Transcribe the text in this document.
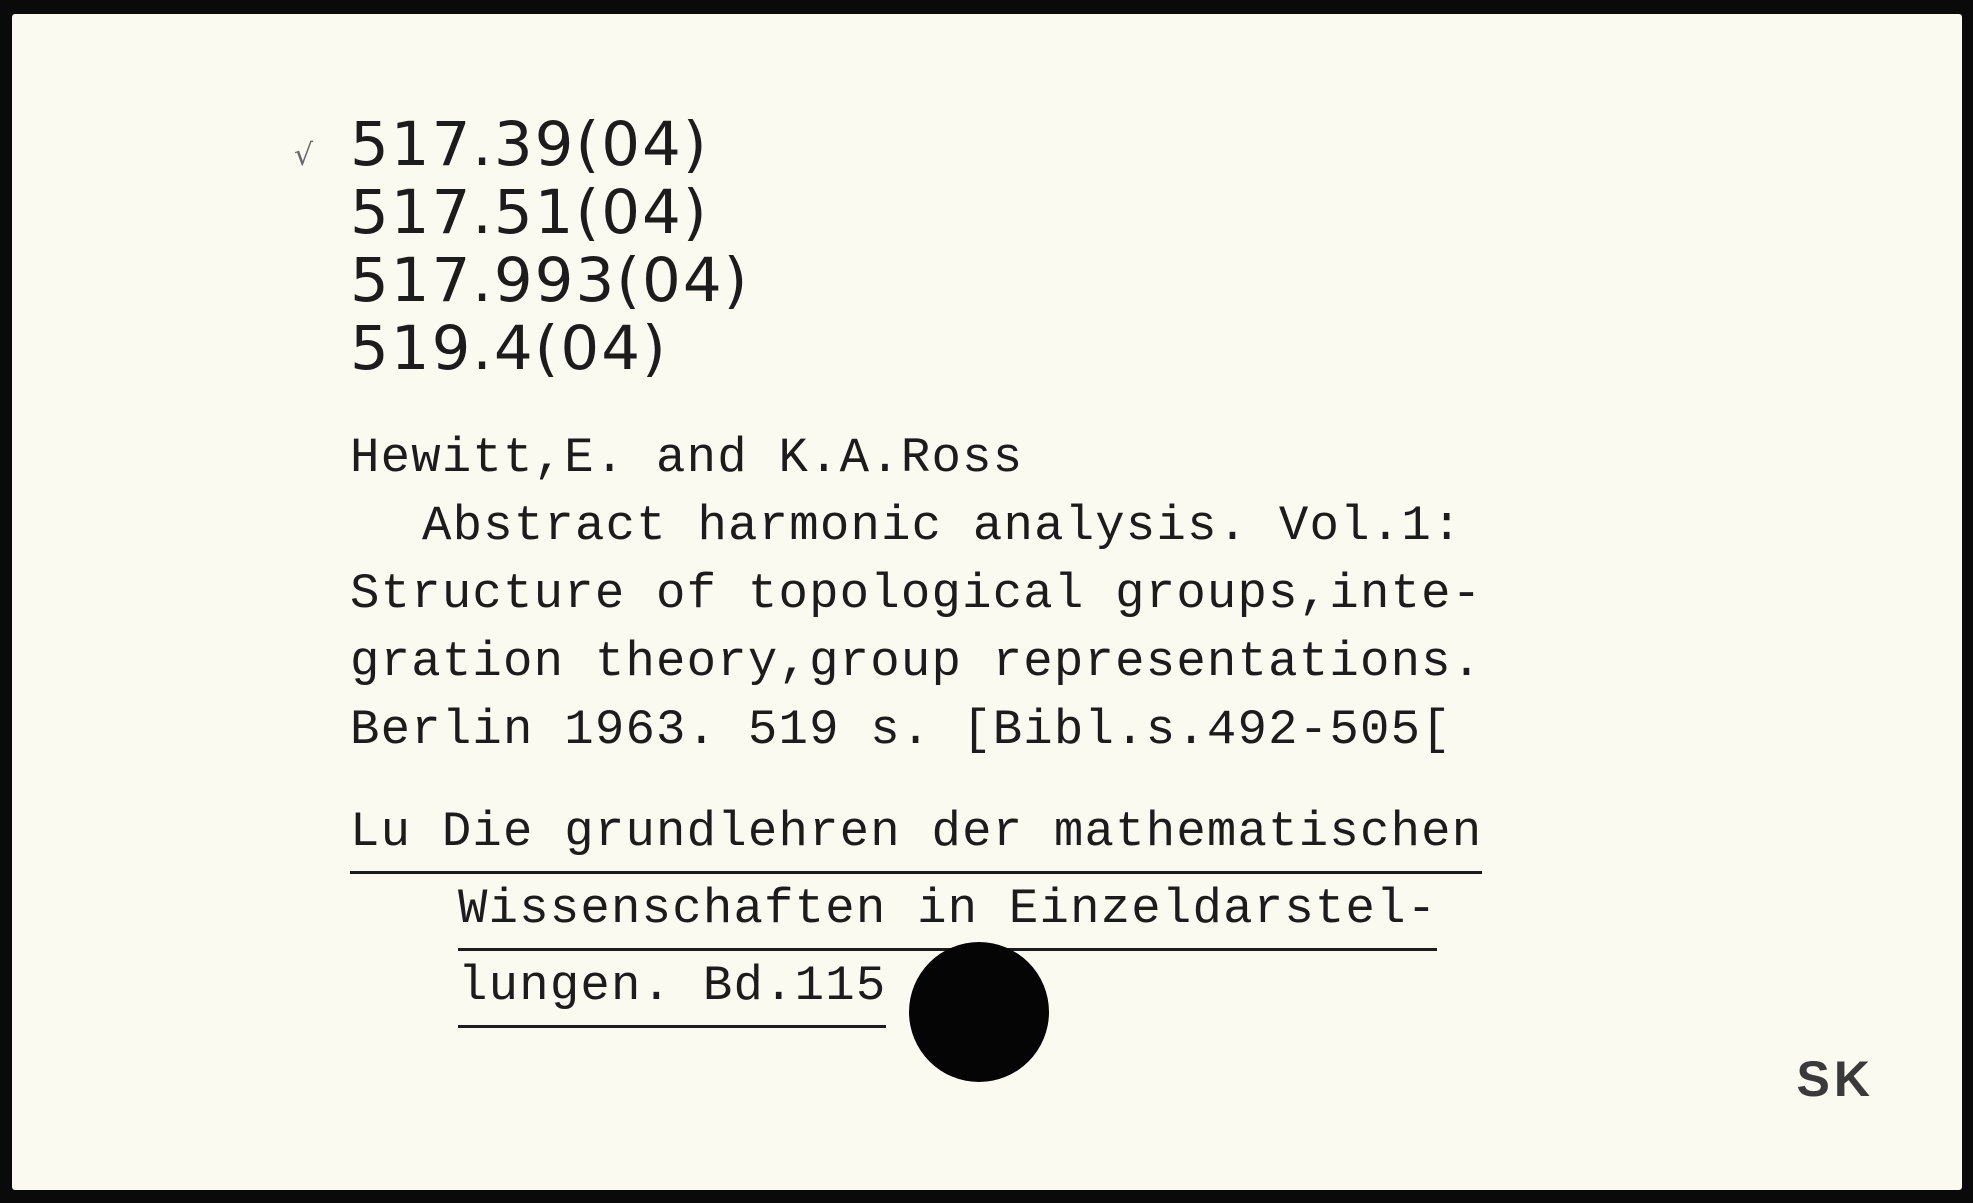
√ 517.39(04)
517.51(04)
517.993(04)
519.4(04)
Hewitt,E. and K.A.Ross
Abstract harmonic analysis. Vol.1:
Structure of topological groups,inte-
gration theory,group representations.
Berlin 1963. 519 s. [Bibl.s.492-505[
Lu Die grundlehren der mathematischen
Wissenschaften in Einzeldarstel-
lungen. Bd.115
SK
